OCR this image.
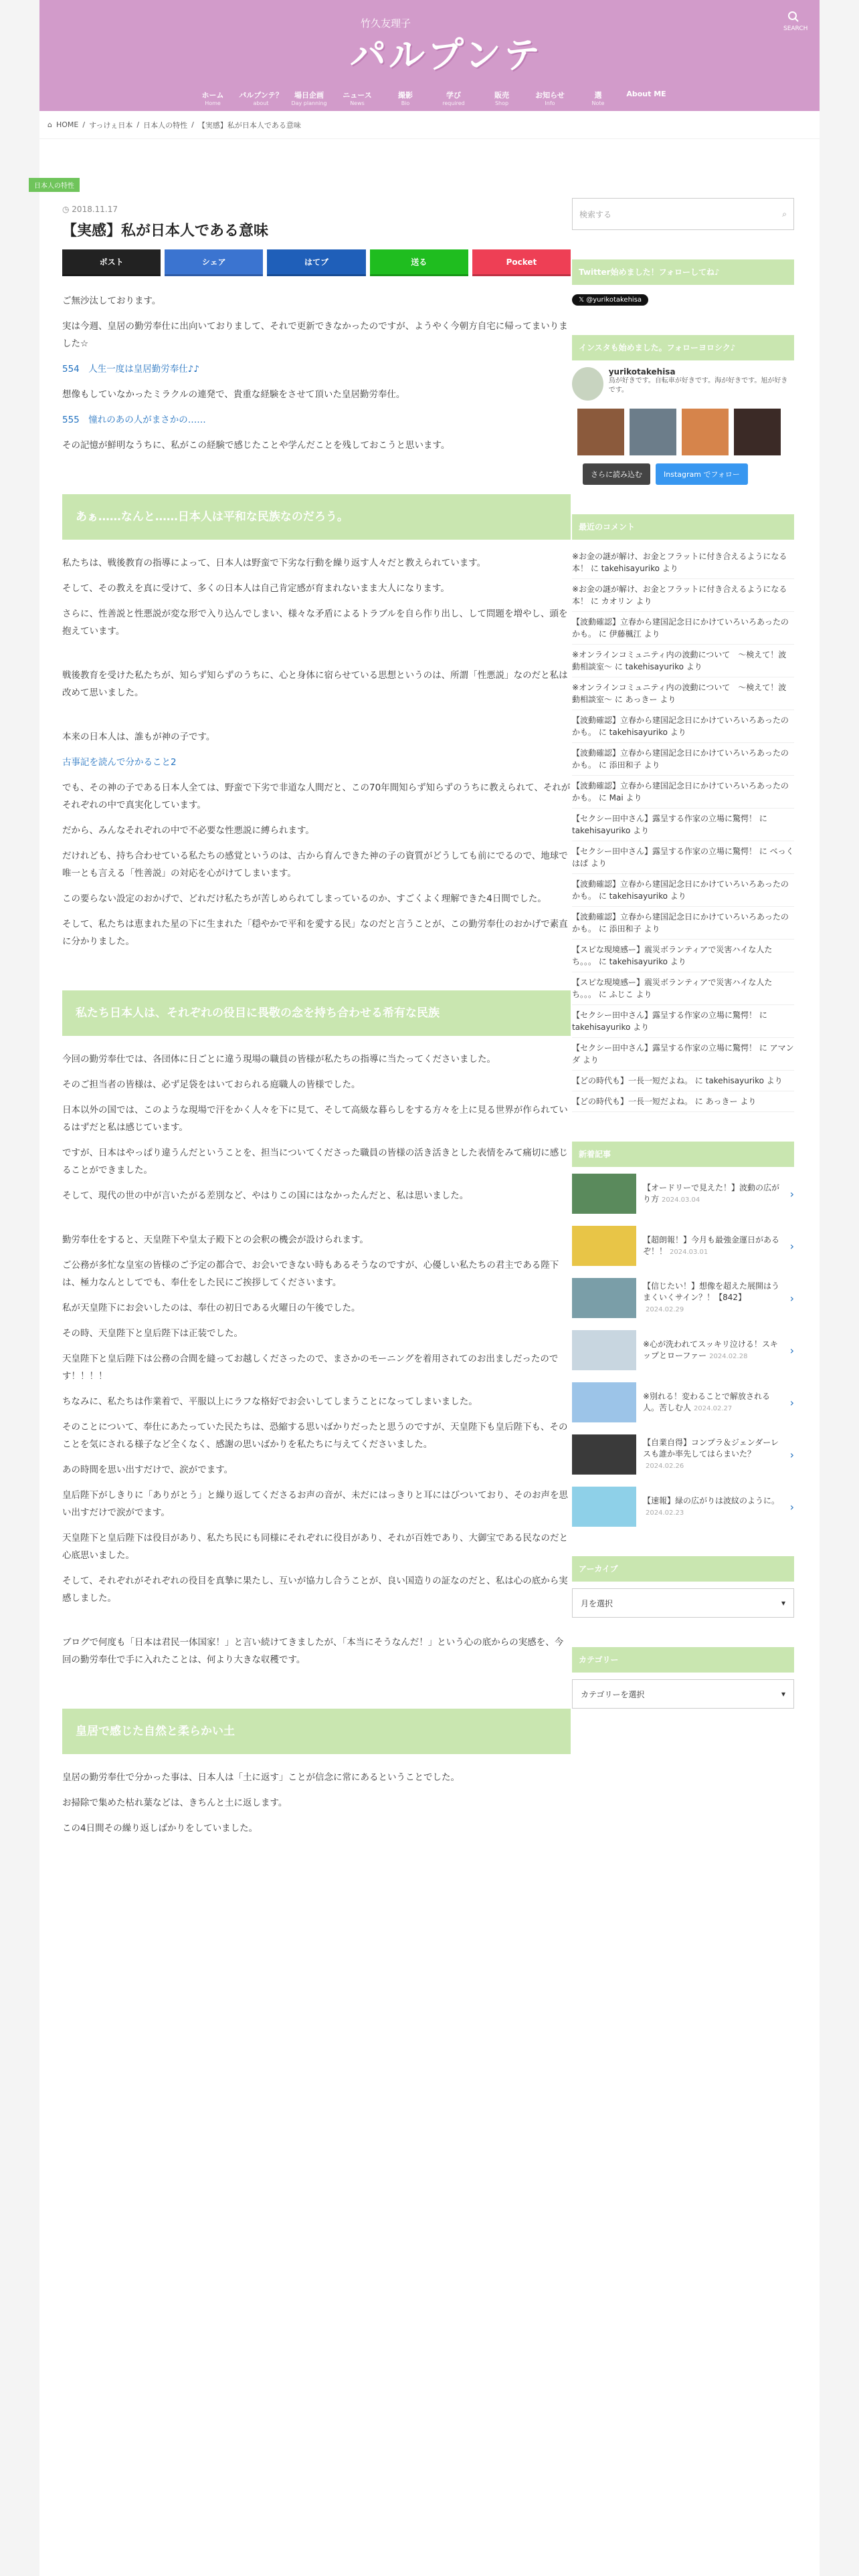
竹久友理子
パルプンテ
SEARCH
ホーム
Home
パルプンテ？
about
場日企画
Day planning
ニュース
News
撮影
Bio
学び
required
販売
Shop
お知らせ
Info
選
Note
About ME
⌂ HOME / すっけぇ日本 / 日本人の特性 / 【実感】私が日本人である意味
日本人の特性
◷ 2018.11.17
【実感】私が日本人である意味
ポスト	シェア	はてブ	送る	Pocket

ご無沙汰しております。

実は今週、皇居の勤労奉仕に出向いておりまして、それで更新できなかったのですが、ようやく今朝方自宅に帰ってまいりました☆

554　人生一度は皇居勤労奉仕♪♪

想像もしていなかったミラクルの連発で、貴重な経験をさせて頂いた皇居勤労奉仕。

555　憧れのあの人がまさかの……

その記憶が鮮明なうちに、私がこの経験で感じたことや学んだことを残しておこうと思います。

あぁ……なんと……日本人は平和な民族なのだろう。

私たちは、戦後教育の指導によって、日本人は野蛮で下劣な行動を繰り返す人々だと教えられています。

そして、その教えを真に受けて、多くの日本人は自己肯定感が育まれないまま大人になります。

さらに、性善説と性悪説が変な形で入り込んでしまい、様々な矛盾によるトラブルを自ら作り出し、して問題を増やし、頭を抱えています。

戦後教育を受けた私たちが、知らず知らずのうちに、心と身体に宿らせている思想というのは、所謂「性悪説」なのだと私は改めて思いました。

本来の日本人は、誰もが神の子です。

古事記を読んで分かること2

でも、その神の子である日本人全ては、野蛮で下劣で非道な人間だと、この70年間知らず知らずのうちに教えられて、それがそれぞれの中で真実化しています。

だから、みんなそれぞれの中で不必要な性悪説に縛られます。

だけれども、持ち合わせている私たちの感覚というのは、古から育んできた神の子の資質がどうしても前にでるので、地球で唯一とも言える「性善説」の対応を心がけてしまいます。

この要らない設定のおかげで、どれだけ私たちが苦しめられてしまっているのか、すごくよく理解できた4日間でした。

そして、私たちは恵まれた星の下に生まれた「穏やかで平和を愛する民」なのだと言うことが、この勤労奉仕のおかげで素直に分かりました。

私たち日本人は、それぞれの役目に畏敬の念を持ち合わせる希有な民族

今回の勤労奉仕では、各団体に日ごとに違う現場の職員の皆様が私たちの指導に当たってくださいました。

そのご担当者の皆様は、必ず足袋をはいておられる庭職人の皆様でした。

日本以外の国では、このような現場で汗をかく人々を下に見て、そして高級な暮らしをする方々を上に見る世界が作られているはずだと私は感じています。

ですが、日本はやっぱり違うんだということを、担当についてくださった職員の皆様の活き活きとした表情をみて痛切に感じることができました。

そして、現代の世の中が言いたがる差別など、やはりこの国にはなかったんだと、私は思いました。

勤労奉仕をすると、天皇陛下や皇太子殿下との会釈の機会が設けられます。

ご公務が多忙な皇室の皆様のご予定の都合で、お会いできない時もあるそうなのですが、心優しい私たちの君主である陛下は、極力なんとしてでも、奉仕をした民にご挨拶してくださいます。

私が天皇陛下にお会いしたのは、奉仕の初日である火曜日の午後でした。

その時、天皇陛下と皇后陛下は正装でした。

天皇陛下と皇后陛下は公務の合間を縫ってお越しくださったので、まさかのモーニングを着用されてのお出ましだったのです！！！！

ちなみに、私たちは作業着で、平服以上にラフな格好でお会いしてしまうことになってしまいました。

そのことについて、奉仕にあたっていた民たちは、恐縮する思いばかりだったと思うのですが、天皇陛下も皇后陛下も、そのことを気にされる様子など全くなく、感謝の思いばかりを私たちに与えてくださいました。

あの時間を思い出すだけで、涙がでます。

皇后陛下がしきりに「ありがとう」と繰り返してくださるお声の音が、未だにはっきりと耳にはびついており、そのお声を思い出すだけで涙がでます。

天皇陛下と皇后陛下は役目があり、私たち民にも同様にそれぞれに役目があり、それが百姓であり、大御宝である民なのだと心底思いました。

そして、それぞれがそれぞれの役目を真摯に果たし、互いが協力し合うことが、良い国造りの証なのだと、私は心の底から実感しました。

ブログで何度も「日本は君民一体国家！」と言い続けてきましたが、「本当にそうなんだ！」という心の底からの実感を、今回の勤労奉仕で手に入れたことは、何より大きな収穫です。

皇居で感じた自然と柔らかい土

皇居の勤労奉仕で分かった事は、日本人は「土に返す」ことが信念に常にあるということでした。

お掃除で集めた枯れ葉などは、きちんと土に返します。

この4日間その繰り返しばかりをしていました。

検索する	⌕
Twitter始めました！フォローしてね♪
𝕏 @yurikotakehisa
インスタも始めました。フォローヨロシク♪
yurikotakehisa
鳥が好きです。自転車が好きです。海が好きです。旭が好きです。
さらに読み込む	Instagram でフォロー
最近のコメント
※お金の謎が解け、お金とフラットに付き合えるようになる本！ に takehisayuriko より
※お金の謎が解け、お金とフラットに付き合えるようになる本！ に カオリン より
【波動確認】立春から建国記念日にかけていろいろあったのかも。 に 伊藤楓江 より
※オンラインコミュニティ内の波動について　〜検えて！波動相談室〜 に takehisayuriko より
※オンラインコミュニティ内の波動について　〜検えて！波動相談室〜 に あっきー より
【波動確認】立春から建国記念日にかけていろいろあったのかも。 に takehisayuriko より
【波動確認】立春から建国記念日にかけていろいろあったのかも。 に 添田和子 より
【波動確認】立春から建国記念日にかけていろいろあったのかも。 に Mai より
【セクシー田中さん】露呈する作家の立場に驚愕！ に takehisayuriko より
【セクシー田中さん】露呈する作家の立場に驚愕！ に べっく はぱ より
【波動確認】立春から建国記念日にかけていろいろあったのかも。 に takehisayuriko より
【波動確認】立春から建国記念日にかけていろいろあったのかも。 に 添田和子 より
【スピな現境感ー】震災ボランティアで災害ハイな人たち。。。 に takehisayuriko より
【スピな現境感ー】震災ボランティアで災害ハイな人たち。。。 に ふじこ より
【セクシー田中さん】露呈する作家の立場に驚愕！ に takehisayuriko より
【セクシー田中さん】露呈する作家の立場に驚愕！ に アマンダ より
【どの時代も】一長一短だよね。 に takehisayuriko より
【どの時代も】一長一短だよね。 に あっきー より
新着記事
【オードリーで見えた！】波動の広がり方 2024.03.04	›
【超朗報！】今月も最強金運日があるぞ！！ 2024.03.01	›
【信じたい！】想像を超えた展開はうまくいくサイン？！【842】2024.02.29
›
※心が洗われてスッキリ泣ける！スキップとローファー 2024.02.28	›
※別れる！変わることで解放される人。苦しむ人 2024.02.27	›
【自業自得】コンプラ＆ジェンダーレスも誰か率先してはらまいた？2024.02.26
›
【速報】緑の広がりは波紋のように。2024.02.23	›
アーカイブ
月を選択	▾
カテゴリー
カテゴリーを選択	▾
